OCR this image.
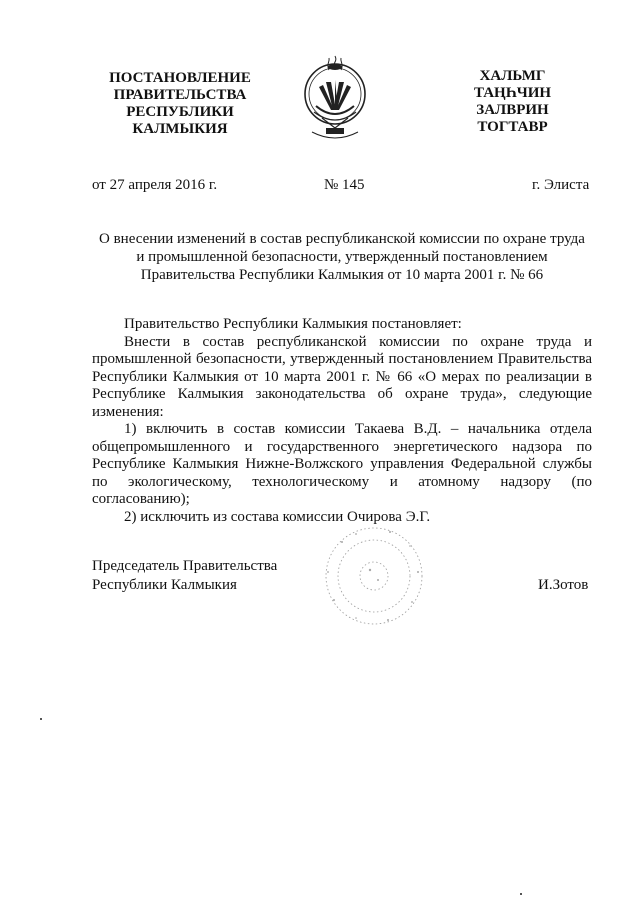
ПОСТАНОВЛЕНИЕ
ПРАВИТЕЛЬСТВА
РЕСПУБЛИКИ
КАЛМЫКИЯ
ХАЛЬМГ
ТАҢҺЧИН
ЗАЛВРИН
ТОГТАВР
от 27 апреля 2016 г.	№ 145	г. Элиста
О внесении изменений в состав республиканской комиссии по охране труда
и промышленной безопасности, утвержденный постановлением
Правительства Республики Калмыкия от 10 марта 2001 г. № 66

Правительство Республики Калмыкия постановляет:

Внести в состав республиканской комиссии по охране труда и промышленной безопасности, утвержденный постановлением Правительства Республики Калмыкия от 10 марта 2001 г. № 66 «О мерах по реализации в Республике Калмыкия законодательства об охране труда», следующие изменения:

1) включить в состав комиссии Такаева В.Д. – начальника отдела общепромышленного и государственного энергетического надзора по Республике Калмыкия Нижне-Волжского управления Федеральной службы по экологическому, технологическому и атомному надзору (по согласованию);

2) исключить из состава комиссии Очирова Э.Г.

Председатель Правительства
Республики Калмыкия	И.Зотов
